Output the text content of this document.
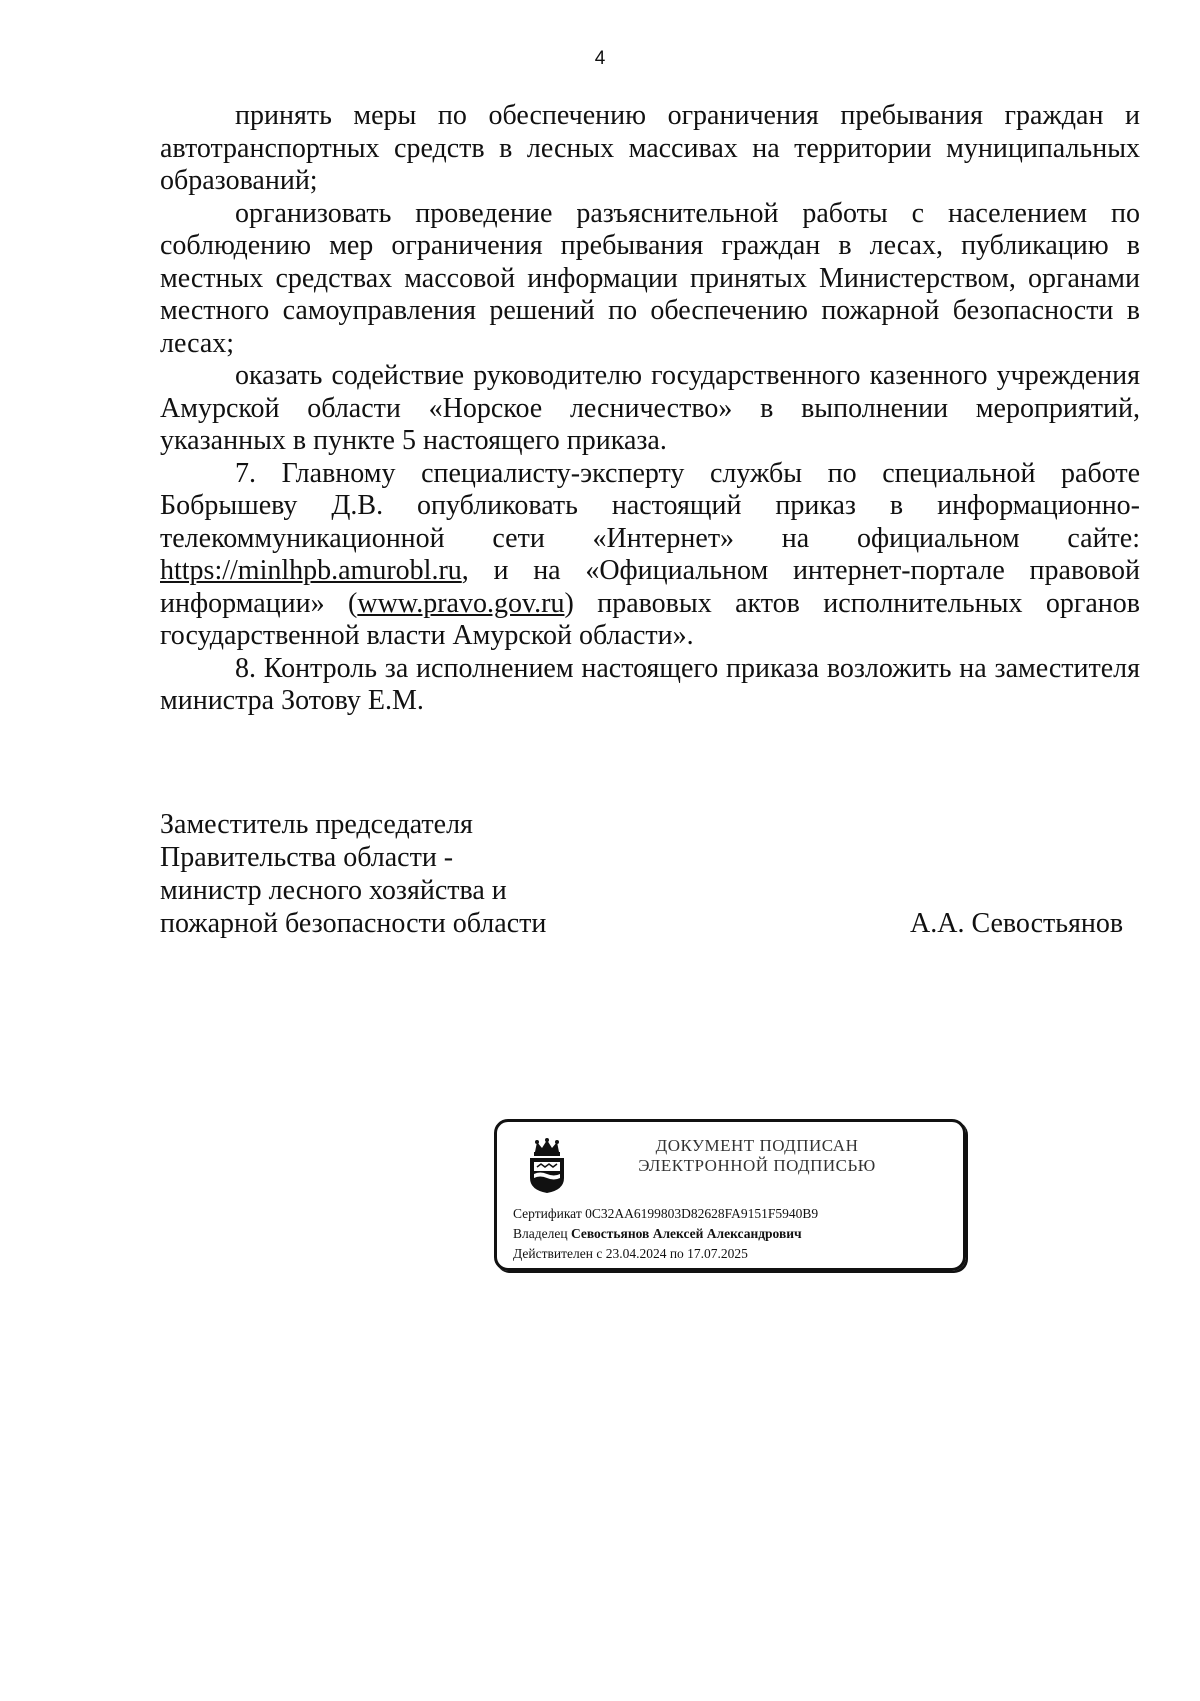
4

принять меры по обеспечению ограничения пребывания граждан и автотранспортных средств в лесных массивах на территории муниципальных образований;

организовать проведение разъяснительной работы с населением по соблюдению мер ограничения пребывания граждан в лесах, публикацию в местных средствах массовой информации принятых Министерством, органами местного самоуправления решений по обеспечению пожарной безопасности в лесах;

оказать содействие руководителю государственного казенного учреждения Амурской области «Норское лесничество» в выполнении мероприятий, указанных в пункте 5 настоящего приказа.

7. Главному специалисту-эксперту службы по специальной работе Бобрышеву Д.В. опубликовать настоящий приказ в информационно-телекоммуникационной сети «Интернет» на официальном сайте: https://minlhpb.amurobl.ru, и на «Официальном интернет-портале правовой информации» (www.pravo.gov.ru) правовых актов исполнительных органов государственной власти Амурской области».

8. Контроль за исполнением настоящего приказа возложить на заместителя министра Зотову Е.М.

Заместитель председателя
Правительства области -
министр лесного хозяйства и
пожарной безопасности области	А.А. Севостьянов
ДОКУМЕНТ ПОДПИСАН
ЭЛЕКТРОННОЙ ПОДПИСЬЮ
Сертификат 0C32AA6199803D82628FA9151F5940B9
Владелец Севостьянов Алексей Александрович
Действителен с 23.04.2024 по 17.07.2025
